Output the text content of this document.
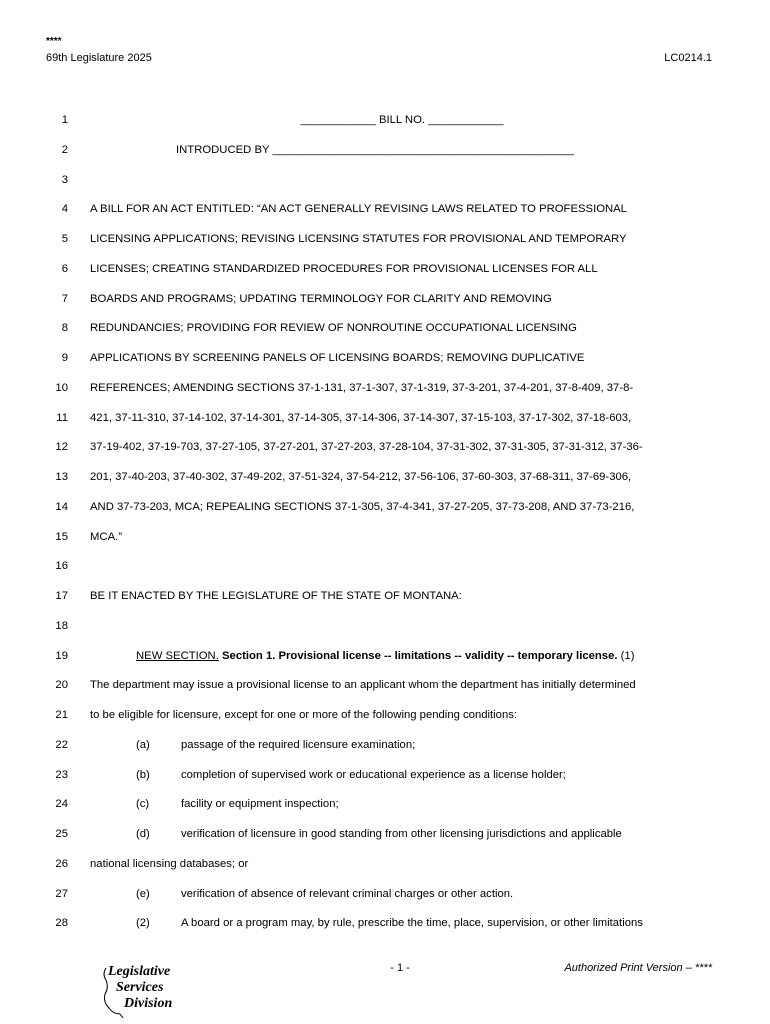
****
69th Legislature 2025	LC0214.1
1	____________ BILL NO. ____________
2	INTRODUCED BY ________________________________________________
3
4 A BILL FOR AN ACT ENTITLED: “AN ACT GENERALLY REVISING LAWS RELATED TO PROFESSIONAL
5 LICENSING APPLICATIONS; REVISING LICENSING STATUTES FOR PROVISIONAL AND TEMPORARY
6 LICENSES; CREATING STANDARDIZED PROCEDURES FOR PROVISIONAL LICENSES FOR ALL
7 BOARDS AND PROGRAMS; UPDATING TERMINOLOGY FOR CLARITY AND REMOVING
8 REDUNDANCIES; PROVIDING FOR REVIEW OF NONROUTINE OCCUPATIONAL LICENSING
9 APPLICATIONS BY SCREENING PANELS OF LICENSING BOARDS; REMOVING DUPLICATIVE
10 REFERENCES; AMENDING SECTIONS 37-1-131, 37-1-307, 37-1-319, 37-3-201, 37-4-201, 37-8-409, 37-8-
11 421, 37-11-310, 37-14-102, 37-14-301, 37-14-305, 37-14-306, 37-14-307, 37-15-103, 37-17-302, 37-18-603,
12 37-19-402, 37-19-703, 37-27-105, 37-27-201, 37-27-203, 37-28-104, 37-31-302, 37-31-305, 37-31-312, 37-36-
13 201, 37-40-203, 37-40-302, 37-49-202, 37-51-324, 37-54-212, 37-56-106, 37-60-303, 37-68-311, 37-69-306,
14 AND 37-73-203, MCA; REPEALING SECTIONS 37-1-305, 37-4-341, 37-27-205, 37-73-208, AND 37-73-216,
15 MCA.”
16
17 BE IT ENACTED BY THE LEGISLATURE OF THE STATE OF MONTANA:
18
19	NEW SECTION. Section 1. Provisional license -- limitations -- validity -- temporary license. (1)
20 The department may issue a provisional license to an applicant whom the department has initially determined
21 to be eligible for licensure, except for one or more of the following pending conditions:
22	(a)	passage of the required licensure examination;
23	(b)	completion of supervised work or educational experience as a license holder;
24	(c)	facility or equipment inspection;
25	(d)	verification of licensure in good standing from other licensing jurisdictions and applicable
26 national licensing databases; or
27	(e)	verification of absence of relevant criminal charges or other action.
28	(2)	A board or a program may, by rule, prescribe the time, place, supervision, or other limitations
- 1 -	Authorized Print Version – ****
Legislative
Services
Division
